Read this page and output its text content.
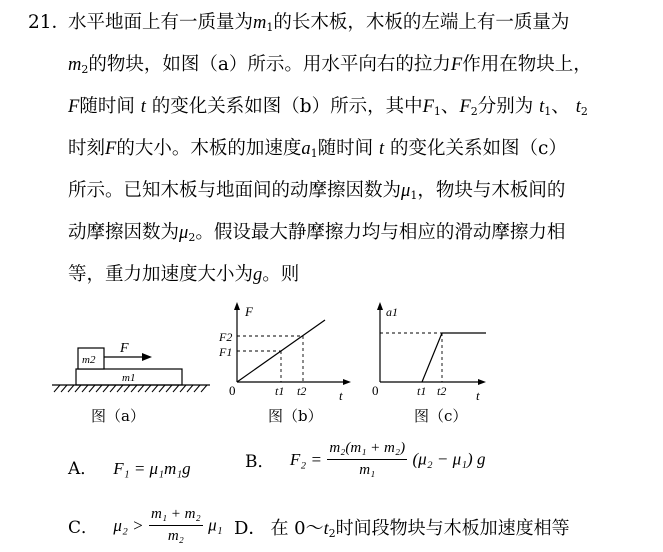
21．
水平地面上有一质量为$m_1$的长木板，木板的左端上有一质量为
$m_2$的物块，如图（a）所示。用水平向右的拉力F作用在物块上，
F随时间 t 的变化关系如图（b）所示，其中$F_1$、$F_2$分别为 $t_1$、 $t_2$
时刻F的大小。木板的加速度$a_1$随时间 t 的变化关系如图（c）
所示。已知木板与地面间的动摩擦因数为$\mu_1$，物块与木板间的
动摩擦因数为$\mu_2$。假设最大静摩擦力均与相应的滑动摩擦力相
等，重力加速度大小为g。则
F
m2
m1
图（a）
F
t
0
F2
F1
t1 t2
图（b）
a1
t
0	t1 t2
图（c）
A． F₁ = μ₁m₁g	B． $F_2 = \frac{\text{m₂(m₁ + m₂)}}{\text{m₁}} (\mu_2 - \mu_1)$ g
C． $\mu_2 > \frac{\text{m₁ + m₂}}{\text{m₂}} \mu_1$ D． 在 $0\sim t_2$时间段物块与木板加速度相等
